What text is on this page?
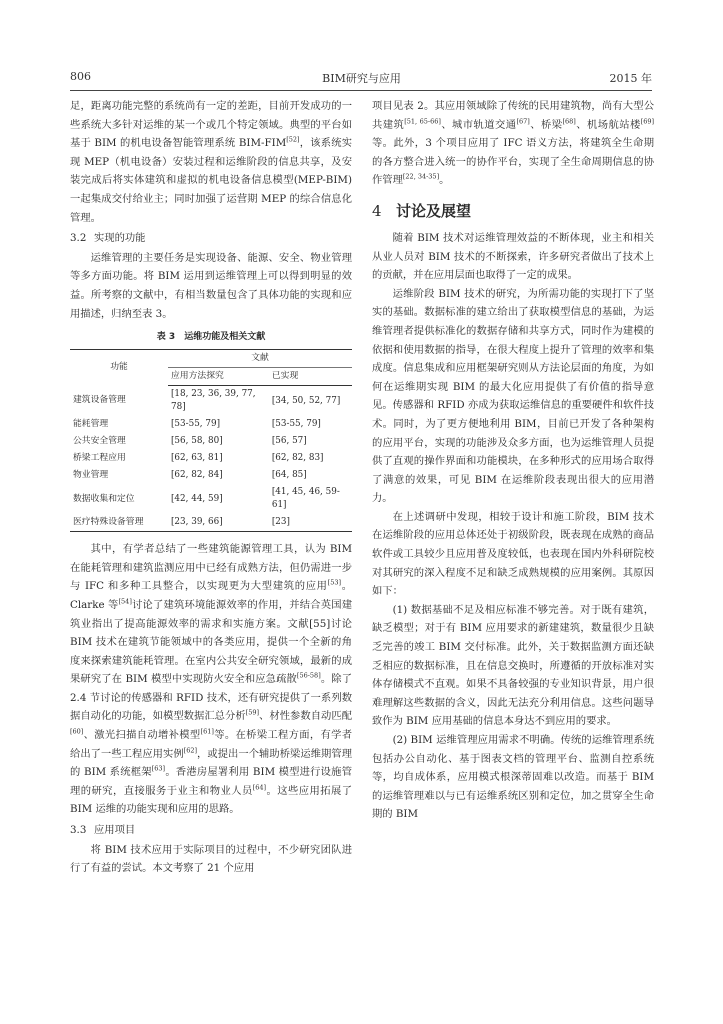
806	BIM研究与应用	2015 年

足，距离功能完整的系统尚有一定的差距，目前开发成功的一些系统大多针对运维的某一个或几个特定领域。典型的平台如基于 BIM 的机电设备智能管理系统 BIM-FIM[52]，该系统实现 MEP（机电设备）安装过程和运维阶段的信息共享，及安装完成后将实体建筑和虚拟的机电设备信息模型(MEP-BIM)一起集成交付给业主；同时加强了运营期 MEP 的综合信息化管理。

3.2 实现的功能

运维管理的主要任务是实现设备、能源、安全、物业管理等多方面功能。将 BIM 运用到运维管理上可以得到明显的效益。所考察的文献中，有相当数量包含了具体功能的实现和应用描述，归纳至表 3。

表 3　运维功能及相关文献
功能	文献	
	应用方法探究	已实现
建筑设备管理	[18, 23, 36, 39, 77, 78]	[34, 50, 52, 77]
能耗管理	[53-55, 79]	[53-55, 79]
公共安全管理	[56, 58, 80]	[56, 57]
桥梁工程应用	[62, 63, 81]	[62, 82, 83]
物业管理	[62, 82, 84]	[64, 85]
数据收集和定位	[42, 44, 59]	[41, 45, 46, 59-61]
医疗特殊设备管理	[23, 39, 66]	[23]

其中，有学者总结了一些建筑能源管理工具，认为 BIM 在能耗管理和建筑监测应用中已经有成熟方法，但仍需进一步与 IFC 和多种工具整合，以实现更为大型建筑的应用[53]。Clarke 等[54]讨论了建筑环境能源效率的作用，并结合英国建筑业指出了提高能源效率的需求和实施方案。文献[55]讨论 BIM 技术在建筑节能领域中的各类应用，提供一个全新的角度来探索建筑能耗管理。在室内公共安全研究领域，最新的成果研究了在 BIM 模型中实现防火安全和应急疏散[56-58]。除了 2.4 节讨论的传感器和 RFID 技术，还有研究提供了一系列数据自动化的功能，如模型数据汇总分析[59]、材性参数自动匹配[60]、激光扫描自动增补模型[61]等。在桥梁工程方面，有学者给出了一些工程应用实例[62]，或提出一个辅助桥梁运维期管理的 BIM 系统框架[63]。香港房屋署利用 BIM 模型进行设施管理的研究，直接服务于业主和物业人员[64]。这些应用拓展了 BIM 运维的功能实现和应用的思路。

3.3 应用项目

将 BIM 技术应用于实际项目的过程中，不少研究团队进行了有益的尝试。本文考察了 21 个应用

项目见表 2。其应用领域除了传统的民用建筑物，尚有大型公共建筑[51, 65-66]、城市轨道交通[67]、桥梁[68]、机场航站楼[69]等。此外，3 个项目应用了 IFC 语义方法，将建筑全生命期的各方整合进入统一的协作平台，实现了全生命周期信息的协作管理[22, 34-35]。

4 讨论及展望

随着 BIM 技术对运维管理效益的不断体现，业主和相关从业人员对 BIM 技术的不断探索，许多研究者做出了技术上的贡献，并在应用层面也取得了一定的成果。

运维阶段 BIM 技术的研究，为所需功能的实现打下了坚实的基础。数据标准的建立给出了获取模型信息的基础，为运维管理者提供标准化的数据存储和共享方式，同时作为建模的依据和使用数据的指导，在很大程度上提升了管理的效率和集成度。信息集成和应用框架研究则从方法论层面的角度，为如何在运维期实现 BIM 的最大化应用提供了有价值的指导意见。传感器和 RFID 亦成为获取运维信息的重要硬件和软件技术。同时，为了更方便地利用 BIM，目前已开发了各种架构的应用平台，实现的功能涉及众多方面，也为运维管理人员提供了直观的操作界面和功能模块，在多种形式的应用场合取得了满意的效果，可见 BIM 在运维阶段表现出很大的应用潜力。

在上述调研中发现，相较于设计和施工阶段，BIM 技术在运维阶段的应用总体还处于初级阶段，既表现在成熟的商品软件或工具较少且应用普及度较低，也表现在国内外科研院校对其研究的深入程度不足和缺乏成熟规模的应用案例。其原因如下：

(1) 数据基础不足及相应标准不够完善。对于既有建筑，缺乏模型；对于有 BIM 应用要求的新建建筑，数量很少且缺乏完善的竣工 BIM 交付标准。此外，关于数据监测方面还缺乏相应的数据标准，且在信息交换时，所遵循的开放标准对实体存储模式不直观。如果不具备较强的专业知识背景，用户很难理解这些数据的含义，因此无法充分利用信息。这些问题导致作为 BIM 应用基础的信息本身达不到应用的要求。

(2) BIM 运维管理应用需求不明确。传统的运维管理系统包括办公自动化、基于图表文档的管理平台、监测自控系统等，均自成体系，应用模式根深蒂固难以改造。而基于 BIM 的运维管理难以与已有运维系统区别和定位，加之贯穿全生命期的 BIM
